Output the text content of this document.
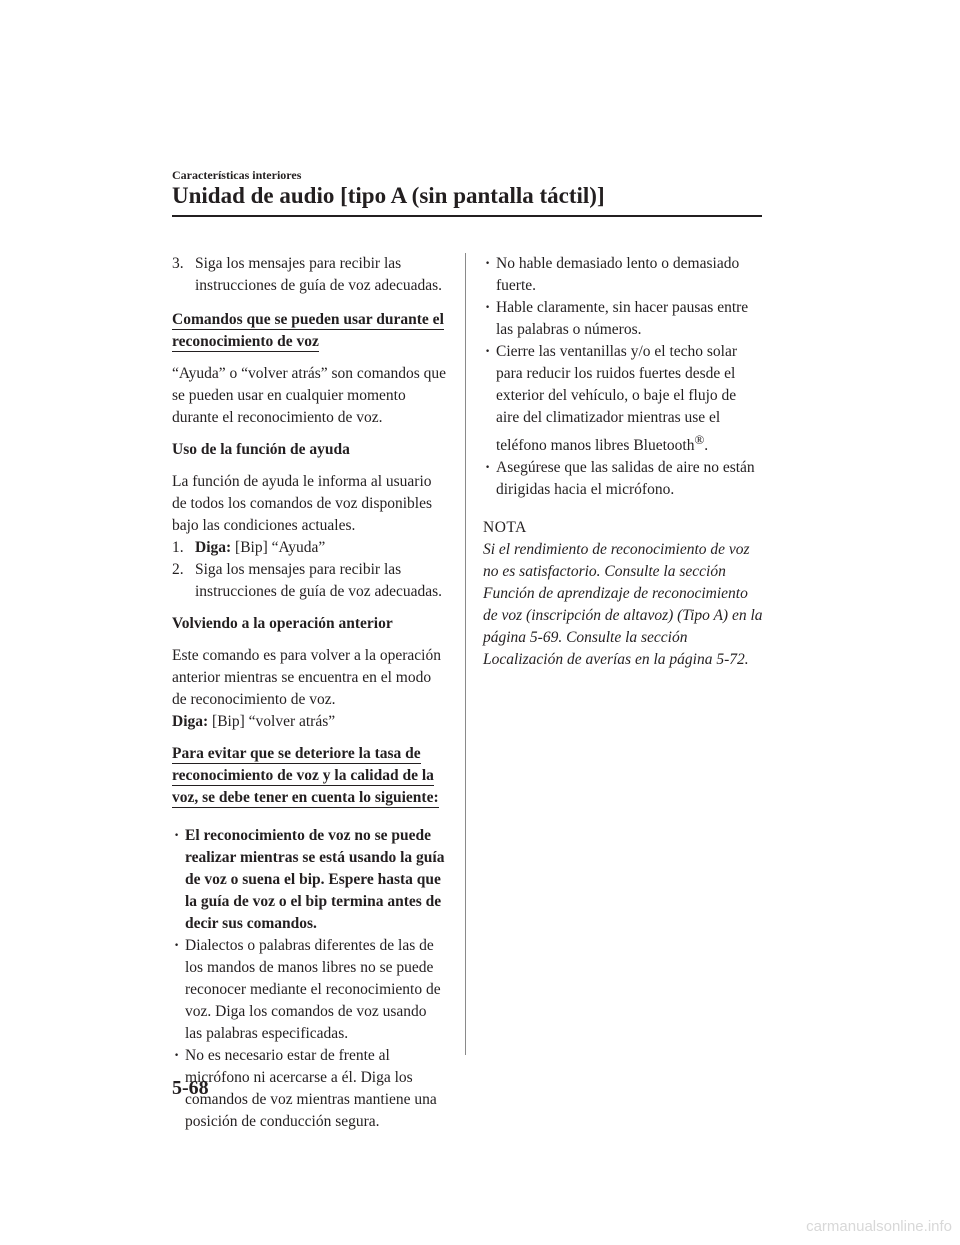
Características interiores
Unidad de audio [tipo A (sin pantalla táctil)]
3. Siga los mensajes para recibir las instrucciones de guía de voz adecuadas.
Comandos que se pueden usar durante el reconocimiento de voz

“Ayuda” o “volver atrás” son comandos que se pueden usar en cualquier momento durante el reconocimiento de voz.

Uso de la función de ayuda

La función de ayuda le informa al usuario de todos los comandos de voz disponibles bajo las condiciones actuales.

1. Diga: [Bip] “Ayuda”
2. Siga los mensajes para recibir las instrucciones de guía de voz adecuadas.

Volviendo a la operación anterior

Este comando es para volver a la operación anterior mientras se encuentra en el modo de reconocimiento de voz.

Diga: [Bip] “volver atrás”

Para evitar que se deteriore la tasa de reconocimiento de voz y la calidad de la voz, se debe tener en cuenta lo siguiente:
· El reconocimiento de voz no se puede realizar mientras se está usando la guía de voz o suena el bip. Espere hasta que la guía de voz o el bip termina antes de decir sus comandos.
· Dialectos o palabras diferentes de las de los mandos de manos libres no se puede reconocer mediante el reconocimiento de voz. Diga los comandos de voz usando las palabras especificadas.
· No es necesario estar de frente al micrófono ni acercarse a él. Diga los comandos de voz mientras mantiene una posición de conducción segura.
· No hable demasiado lento o demasiado fuerte.
· Hable claramente, sin hacer pausas entre las palabras o números.
· Cierre las ventanillas y/o el techo solar para reducir los ruidos fuertes desde el exterior del vehículo, o baje el flujo de aire del climatizador mientras use el teléfono manos libres Bluetooth®.
· Asegúrese que las salidas de aire no están dirigidas hacia el micrófono.

NOTA

Si el rendimiento de reconocimiento de voz no es satisfactorio. Consulte la sección Función de aprendizaje de reconocimiento de voz (inscripción de altavoz) (Tipo A) en la página 5-69. Consulte la sección Localización de averías en la página 5-72.

5-68
carmanualsonline.info
